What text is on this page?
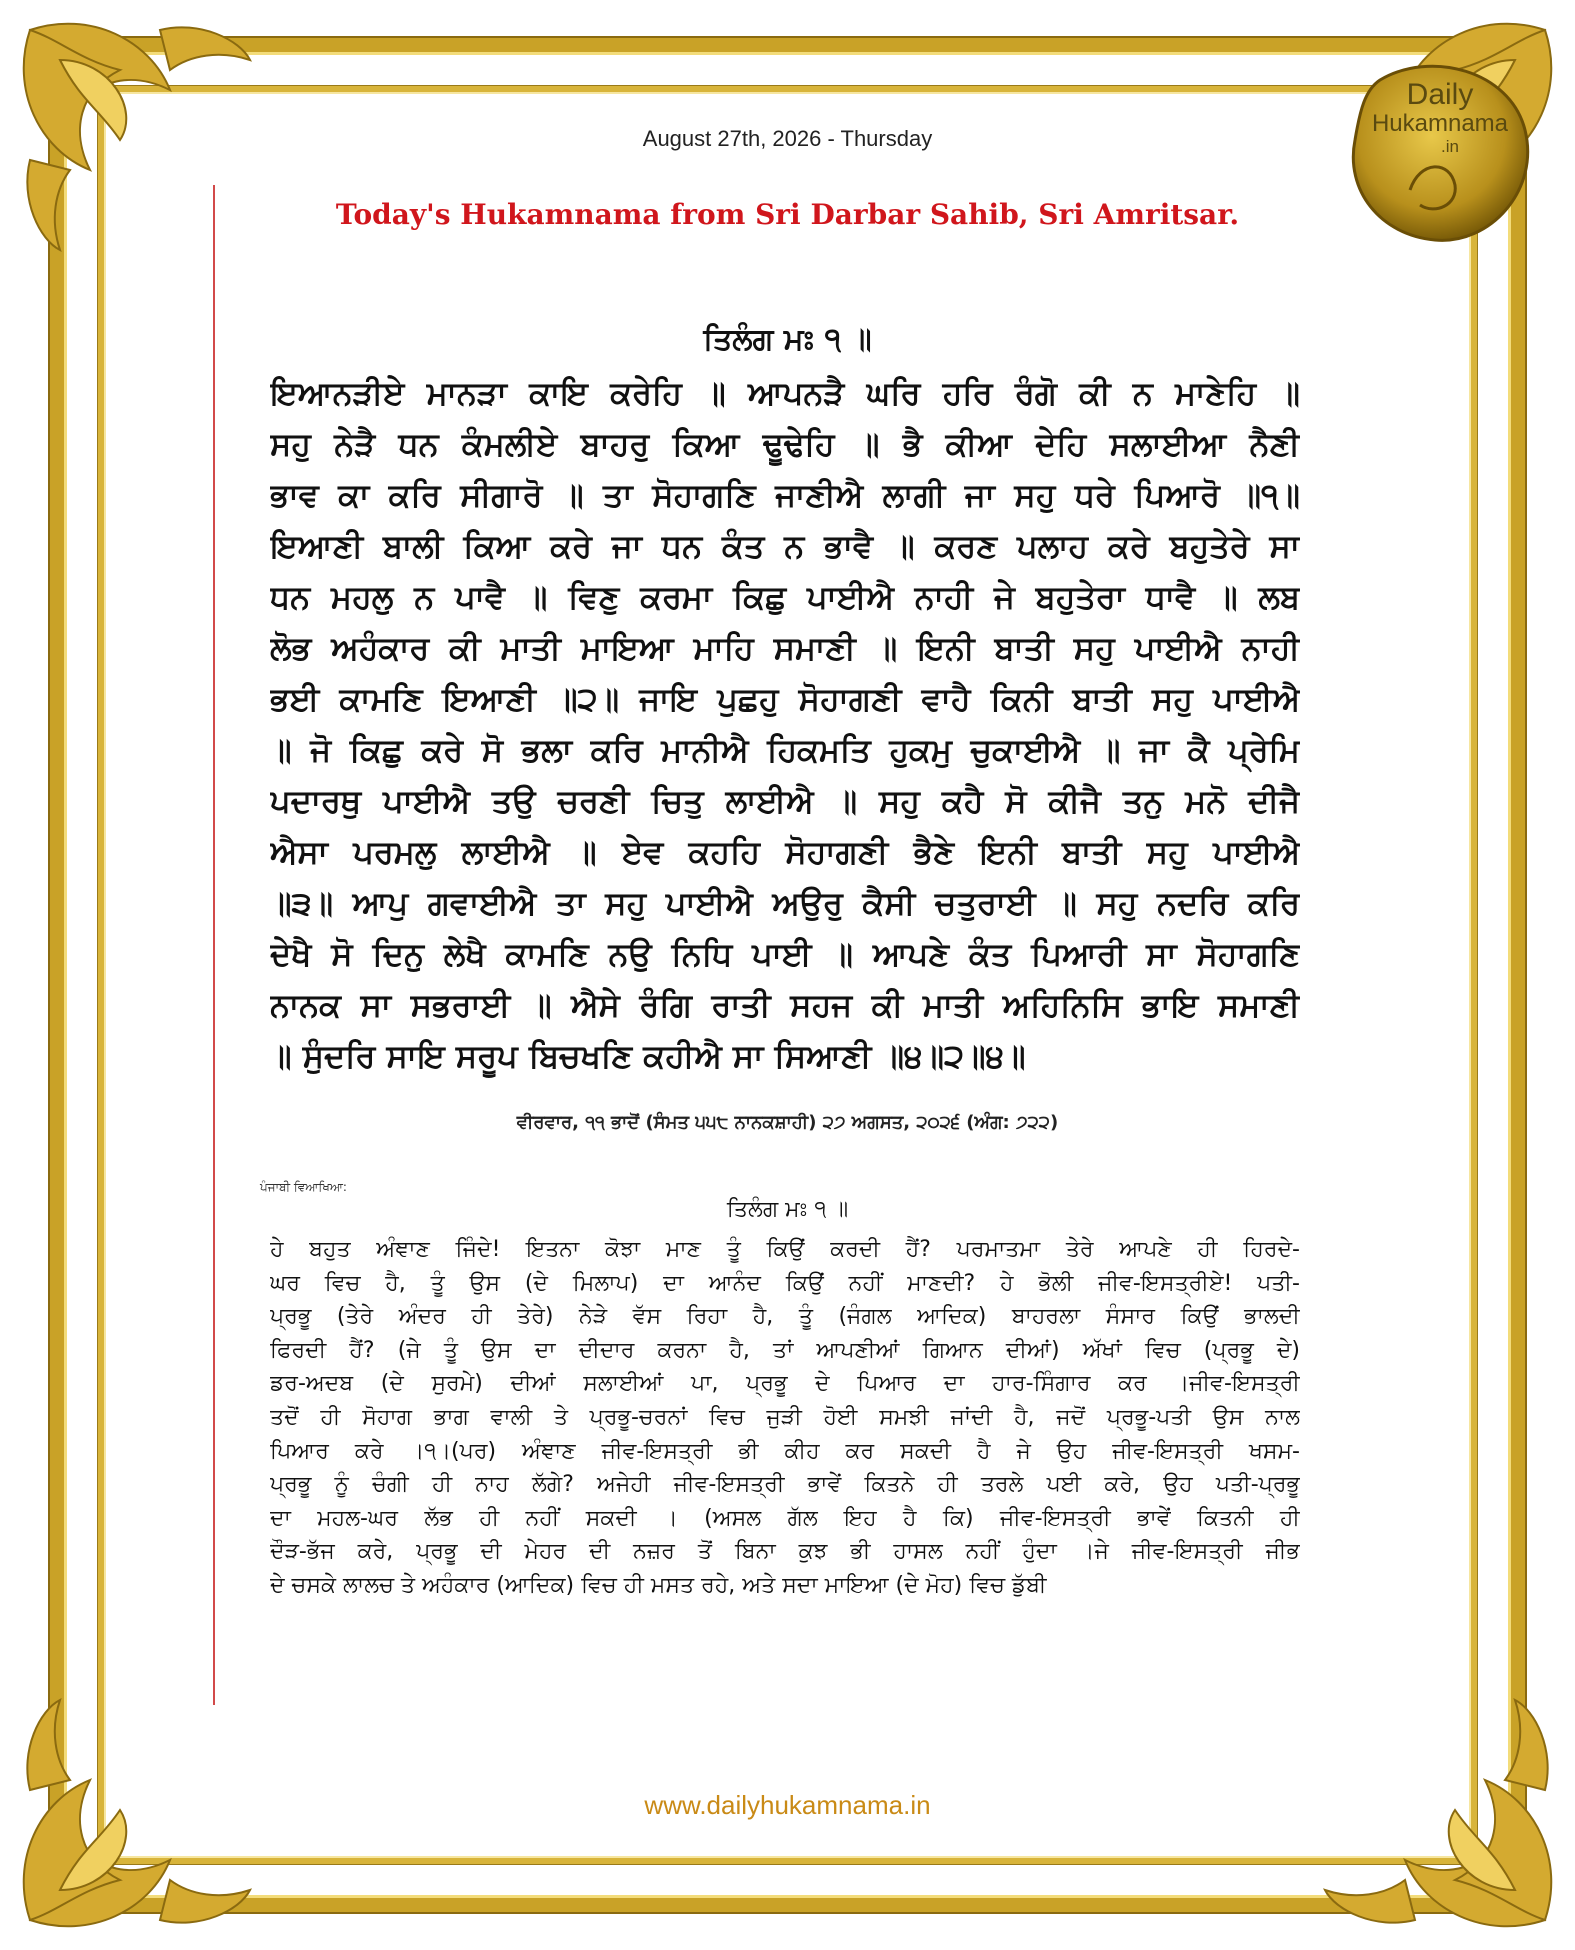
Daily
Hukamnama
.in
August 27th, 2026 - Thursday
Today's Hukamnama from Sri Darbar Sahib, Sri Amritsar.
ਤਿਲੰਗ ਮਃ ੧ ॥
ਇਆਨੜੀਏ ਮਾਨੜਾ ਕਾਇ ਕਰੇਹਿ ॥ ਆਪਨੜੈ ਘਰਿ ਹਰਿ ਰੰਗੋ ਕੀ ਨ ਮਾਣੇਹਿ ॥
ਸਹੁ ਨੇੜੈ ਧਨ ਕੰਮਲੀਏ ਬਾਹਰੁ ਕਿਆ ਢੂਢੇਹਿ ॥ ਭੈ ਕੀਆ ਦੇਹਿ ਸਲਾਈਆ ਨੈਣੀ
ਭਾਵ ਕਾ ਕਰਿ ਸੀਗਾਰੋ ॥ ਤਾ ਸੋਹਾਗਣਿ ਜਾਣੀਐ ਲਾਗੀ ਜਾ ਸਹੁ ਧਰੇ ਪਿਆਰੋ ॥੧॥
ਇਆਣੀ ਬਾਲੀ ਕਿਆ ਕਰੇ ਜਾ ਧਨ ਕੰਤ ਨ ਭਾਵੈ ॥ ਕਰਣ ਪਲਾਹ ਕਰੇ ਬਹੁਤੇਰੇ ਸਾ
ਧਨ ਮਹਲੁ ਨ ਪਾਵੈ ॥ ਵਿਣੁ ਕਰਮਾ ਕਿਛੁ ਪਾਈਐ ਨਾਹੀ ਜੇ ਬਹੁਤੇਰਾ ਧਾਵੈ ॥ ਲਬ
ਲੋਭ ਅਹੰਕਾਰ ਕੀ ਮਾਤੀ ਮਾਇਆ ਮਾਹਿ ਸਮਾਣੀ ॥ ਇਨੀ ਬਾਤੀ ਸਹੁ ਪਾਈਐ ਨਾਹੀ
ਭਈ ਕਾਮਣਿ ਇਆਣੀ ॥੨॥ ਜਾਇ ਪੁਛਹੁ ਸੋਹਾਗਣੀ ਵਾਹੈ ਕਿਨੀ ਬਾਤੀ ਸਹੁ ਪਾਈਐ
॥ ਜੋ ਕਿਛੁ ਕਰੇ ਸੋ ਭਲਾ ਕਰਿ ਮਾਨੀਐ ਹਿਕਮਤਿ ਹੁਕਮੁ ਚੁਕਾਈਐ ॥ ਜਾ ਕੈ ਪ੍ਰੇਮਿ
ਪਦਾਰਥੁ ਪਾਈਐ ਤਉ ਚਰਣੀ ਚਿਤੁ ਲਾਈਐ ॥ ਸਹੁ ਕਹੈ ਸੋ ਕੀਜੈ ਤਨੁ ਮਨੋ ਦੀਜੈ
ਐਸਾ ਪਰਮਲੁ ਲਾਈਐ ॥ ਏਵ ਕਹਹਿ ਸੋਹਾਗਣੀ ਭੈਣੇ ਇਨੀ ਬਾਤੀ ਸਹੁ ਪਾਈਐ
॥੩॥ ਆਪੁ ਗਵਾਈਐ ਤਾ ਸਹੁ ਪਾਈਐ ਅਉਰੁ ਕੈਸੀ ਚਤੁਰਾਈ ॥ ਸਹੁ ਨਦਰਿ ਕਰਿ
ਦੇਖੈ ਸੋ ਦਿਨੁ ਲੇਖੈ ਕਾਮਣਿ ਨਉ ਨਿਧਿ ਪਾਈ ॥ ਆਪਣੇ ਕੰਤ ਪਿਆਰੀ ਸਾ ਸੋਹਾਗਣਿ
ਨਾਨਕ ਸਾ ਸਭਰਾਈ ॥ ਐਸੇ ਰੰਗਿ ਰਾਤੀ ਸਹਜ ਕੀ ਮਾਤੀ ਅਹਿਨਿਸਿ ਭਾਇ ਸਮਾਣੀ
॥ ਸੁੰਦਰਿ ਸਾਇ ਸਰੂਪ ਬਿਚਖਣਿ ਕਹੀਐ ਸਾ ਸਿਆਣੀ ॥੪॥੨॥੪॥
ਵੀਰਵਾਰ, ੧੧ ਭਾਦੋਂ (ਸੰਮਤ ੫੫੮ ਨਾਨਕਸ਼ਾਹੀ) ੨੭ ਅਗਸਤ, ੨੦੨੬ (ਅੰਗ: ੭੨੨)
ਪੰਜਾਬੀ ਵਿਆਖਿਆ:
ਤਿਲੰਗ ਮਃ ੧ ॥
ਹੇ ਬਹੁਤ ਅੰਞਾਣ ਜਿੰਦੇ! ਇਤਨਾ ਕੋਝਾ ਮਾਣ ਤੂੰ ਕਿਉਂ ਕਰਦੀ ਹੈਂ? ਪਰਮਾਤਮਾ ਤੇਰੇ ਆਪਣੇ ਹੀ ਹਿਰਦੇ-
ਘਰ ਵਿਚ ਹੈ, ਤੂੰ ਉਸ (ਦੇ ਮਿਲਾਪ) ਦਾ ਆਨੰਦ ਕਿਉਂ ਨਹੀਂ ਮਾਣਦੀ? ਹੇ ਭੋਲੀ ਜੀਵ-ਇਸਤ੍ਰੀਏ! ਪਤੀ-
ਪ੍ਰਭੂ (ਤੇਰੇ ਅੰਦਰ ਹੀ ਤੇਰੇ) ਨੇੜੇ ਵੱਸ ਰਿਹਾ ਹੈ, ਤੂੰ (ਜੰਗਲ ਆਦਿਕ) ਬਾਹਰਲਾ ਸੰਸਾਰ ਕਿਉਂ ਭਾਲਦੀ
ਫਿਰਦੀ ਹੈਂ? (ਜੇ ਤੂੰ ਉਸ ਦਾ ਦੀਦਾਰ ਕਰਨਾ ਹੈ, ਤਾਂ ਆਪਣੀਆਂ ਗਿਆਨ ਦੀਆਂ) ਅੱਖਾਂ ਵਿਚ (ਪ੍ਰਭੂ ਦੇ)
ਡਰ-ਅਦਬ (ਦੇ ਸੁਰਮੇ) ਦੀਆਂ ਸਲਾਈਆਂ ਪਾ, ਪ੍ਰਭੂ ਦੇ ਪਿਆਰ ਦਾ ਹਾਰ-ਸਿੰਗਾਰ ਕਰ ।ਜੀਵ-ਇਸਤ੍ਰੀ
ਤਦੋਂ ਹੀ ਸੋਹਾਗ ਭਾਗ ਵਾਲੀ ਤੇ ਪ੍ਰਭੂ-ਚਰਨਾਂ ਵਿਚ ਜੁੜੀ ਹੋਈ ਸਮਝੀ ਜਾਂਦੀ ਹੈ, ਜਦੋਂ ਪ੍ਰਭੂ-ਪਤੀ ਉਸ ਨਾਲ
ਪਿਆਰ ਕਰੇ ।੧।(ਪਰ) ਅੰਞਾਣ ਜੀਵ-ਇਸਤ੍ਰੀ ਭੀ ਕੀਹ ਕਰ ਸਕਦੀ ਹੈ ਜੇ ਉਹ ਜੀਵ-ਇਸਤ੍ਰੀ ਖਸਮ-
ਪ੍ਰਭੂ ਨੂੰ ਚੰਗੀ ਹੀ ਨਾਹ ਲੱਗੇ? ਅਜੇਹੀ ਜੀਵ-ਇਸਤ੍ਰੀ ਭਾਵੇਂ ਕਿਤਨੇ ਹੀ ਤਰਲੇ ਪਈ ਕਰੇ, ਉਹ ਪਤੀ-ਪ੍ਰਭੂ
ਦਾ ਮਹਲ-ਘਰ ਲੱਭ ਹੀ ਨਹੀਂ ਸਕਦੀ । (ਅਸਲ ਗੱਲ ਇਹ ਹੈ ਕਿ) ਜੀਵ-ਇਸਤ੍ਰੀ ਭਾਵੇਂ ਕਿਤਨੀ ਹੀ
ਦੌੜ-ਭੱਜ ਕਰੇ, ਪ੍ਰਭੂ ਦੀ ਮੇਹਰ ਦੀ ਨਜ਼ਰ ਤੋਂ ਬਿਨਾ ਕੁਝ ਭੀ ਹਾਸਲ ਨਹੀਂ ਹੁੰਦਾ ।ਜੇ ਜੀਵ-ਇਸਤ੍ਰੀ ਜੀਭ
ਦੇ ਚਸਕੇ ਲਾਲਚ ਤੇ ਅਹੰਕਾਰ (ਆਦਿਕ) ਵਿਚ ਹੀ ਮਸਤ ਰਹੇ, ਅਤੇ ਸਦਾ ਮਾਇਆ (ਦੇ ਮੋਹ) ਵਿਚ ਡੁੱਬੀ
www.dailyhukamnama.in
